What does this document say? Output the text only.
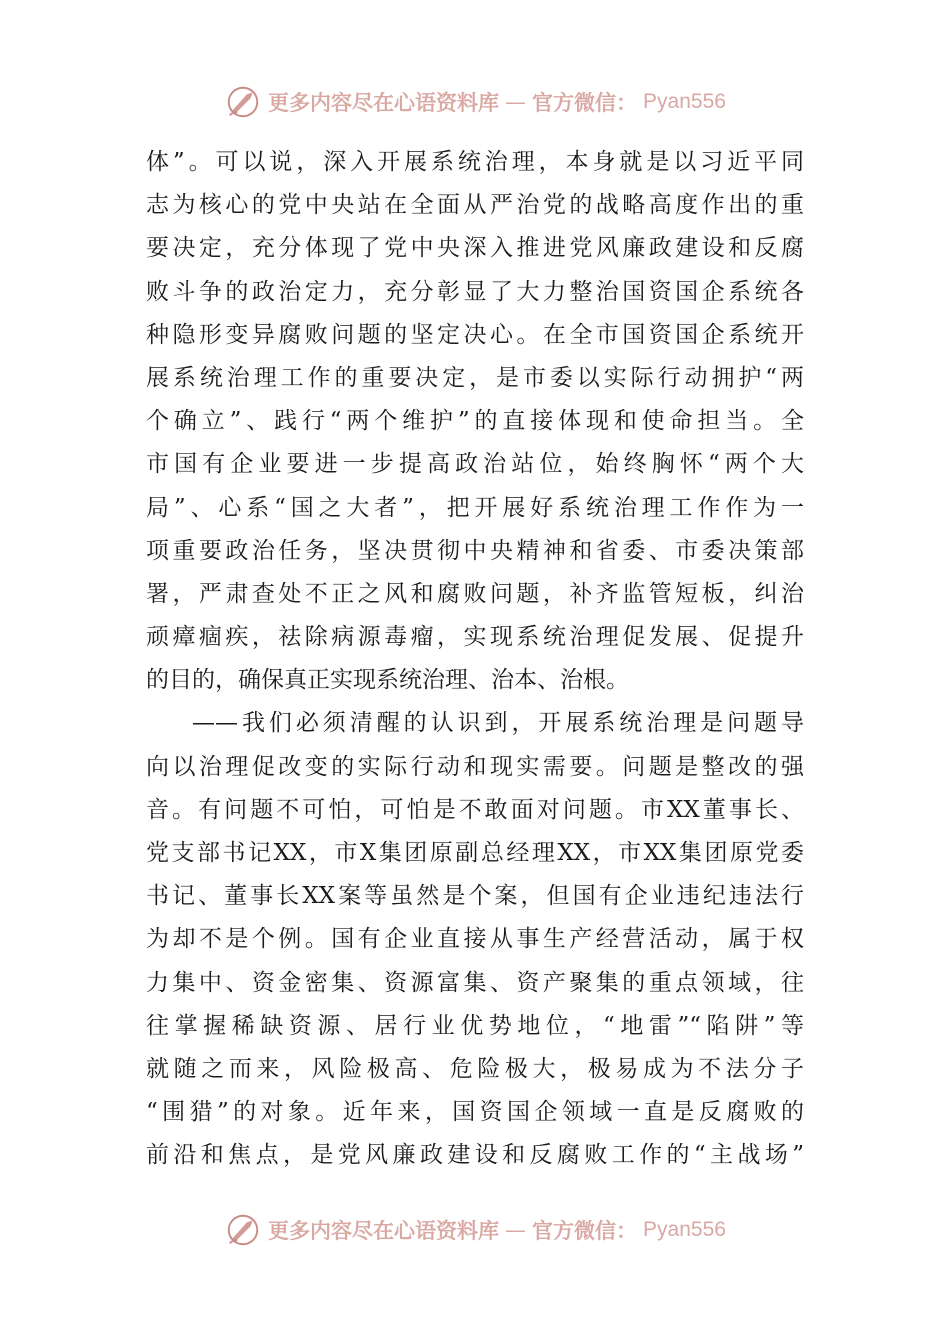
更多内容尽在心语资料库 — 官方微信： Pyan556
体”。可以说，深入开展系统治理，本身就是以习近平同
志为核心的党中央站在全面从严治党的战略高度作出的重
要决定，充分体现了党中央深入推进党风廉政建设和反腐
败斗争的政治定力，充分彰显了大力整治国资国企系统各
种隐形变异腐败问题的坚定决心。在全市国资国企系统开
展系统治理工作的重要决定，是市委以实际行动拥护“两
个确立”、践行“两个维护”的直接体现和使命担当。全
市国有企业要进一步提高政治站位，始终胸怀“两个大
局”、心系“国之大者”，把开展好系统治理工作作为一
项重要政治任务，坚决贯彻中央精神和省委、市委决策部
署，严肃查处不正之风和腐败问题，补齐监管短板，纠治
顽瘴痼疾，祛除病源毒瘤，实现系统治理促发展、促提升
的目的，确保真正实现系统治理、治本、治根。
——我们必须清醒的认识到，开展系统治理是问题导
向以治理促改变的实际行动和现实需要。问题是整改的强
音。有问题不可怕，可怕是不敢面对问题。市XX董事长、
党支部书记XX，市X集团原副总经理XX，市XX集团原党委
书记、董事长XX案等虽然是个案，但国有企业违纪违法行
为却不是个例。国有企业直接从事生产经营活动，属于权
力集中、资金密集、资源富集、资产聚集的重点领域，往
往掌握稀缺资源、居行业优势地位，“地雷”“陷阱”等
就随之而来，风险极高、危险极大，极易成为不法分子
“围猎”的对象。近年来，国资国企领域一直是反腐败的
前沿和焦点，是党风廉政建设和反腐败工作的“主战场”
更多内容尽在心语资料库 — 官方微信： Pyan556
